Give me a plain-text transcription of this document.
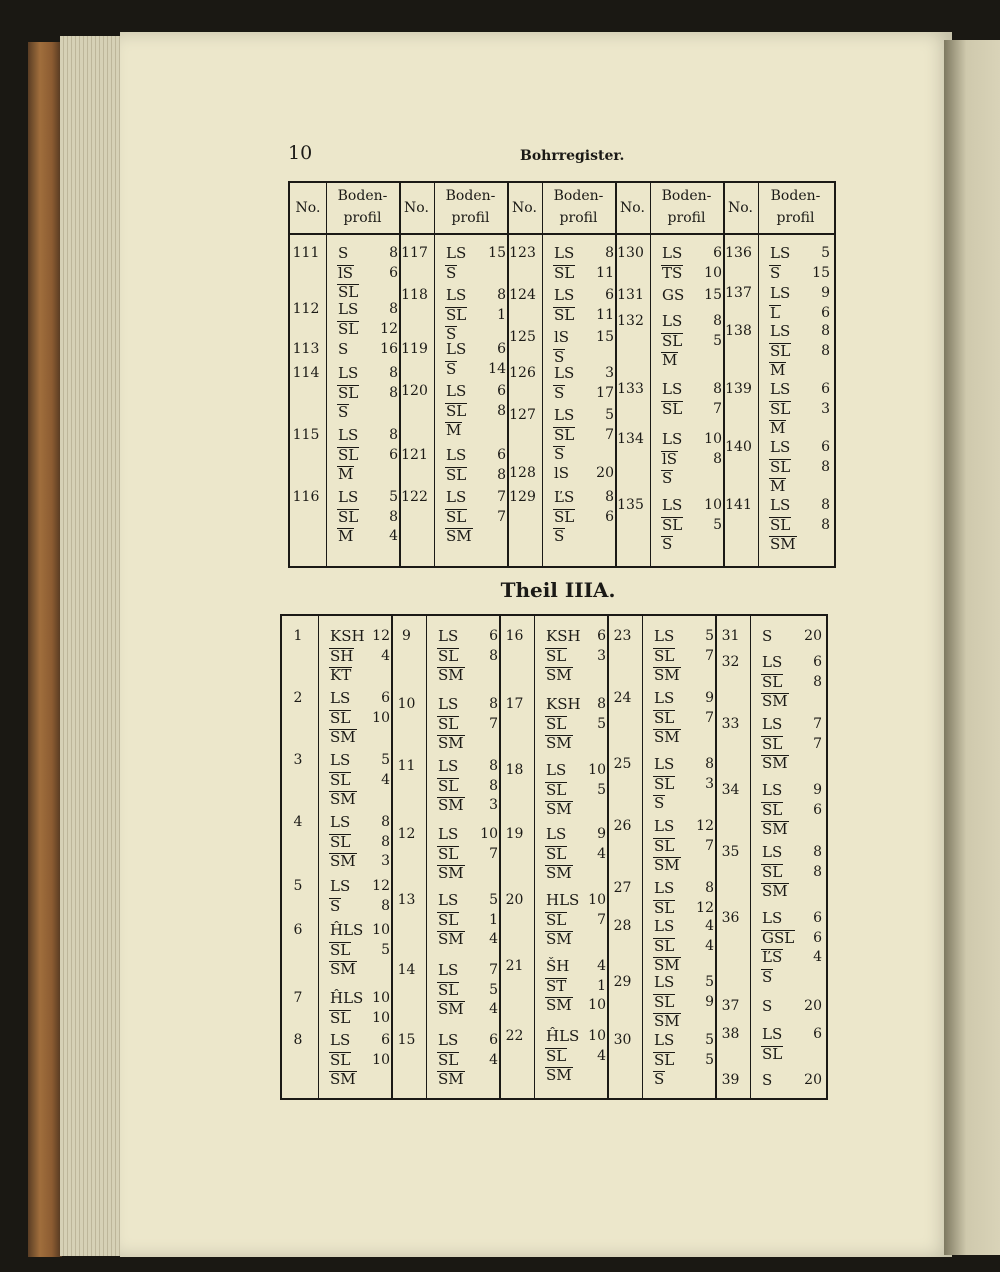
10	Bohrregister.
No.
Boden-
profil
No.
Boden-
profil
No.
Boden-
profil
No.
Boden-
profil
No.
Boden-
profil
111	S	8
lS	6
SL
112	LS 8
SL 12
113	S 16
114	LS 8
SL 8
S
115	LS 8
SL 6
M
116	LS 5
SL 8
M	4
117 LS 15
S
118 LS 8
SL 1
S
119 LS 6
S 14
120 LS 6
SL 8
M
121 LS 6
SL 8
122 LS 7
SL 7
SM
123 LS 8
SL 11
124 LS 6
SL 11
125 lS 15
S
126 LS 3
S 17
127 LS 5
SL 7
S
128 lS 20
129 ĽS 8
SL 6
S
130 LS 6
TS 10
131 GS 15
132 LS 8
SL 5
M
133 LS 8
SL 7
134 LS 10
lS	8
S
135 LS 10
SL 5
S
136 LS 5
S 15
137 LS 9
L	6
138 LS 8
SL 8
M
139 LS 6
SL 3
M
140 LS 6
SL 8
M
141 LS 8
SL 8
SM
Theil IIIA.
1	KSH 12
SH 4
KT
2	LS 6
SL 10
SM
3	LS 5
SL 4
SM
4	LS 8
SL 8
SM 3
5	LS 12
S	8
6	ĤLS 10
SL 5
SM
7	ĤLS 10
SL 10
8	LS 6
SL 10
SM
9	LS 6
SL 8
SM
10	LS 8
SL 7
SM
11	LS 8
SL 8
SM 3
12	LS 10
SL 7
SM
13	LS 5
SL 1
SM 4
14	LS 7
SL 5
SM 4
15	LS 6
SL 4
SM
16	KSH 6
SL 3
SM
17	KSH 8
SL 5
SM
18	LS 10
SL 5
SM
19	LS 9
SL 4
SM
20	HLS 10
SL 7
SM
21	ŠH 4
ST 1
SM 10
22	ĤLS 10
SL 4
SM
23	LS 5
SL 7
SM
24	LS 9
SL 7
SM
25	LS 8
SL 3
S
26	LS 12
SL 7
SM
27	LS 8
SL 12
28	LS 4
SL 4
SM
29	LS 5
SL 9
SM
30	LS 5
SL 5
S
31	S 20
32	LS 6
SL 8
SM
33	LS 7
SL 7
SM
34	LS 9
SL 6
SM
35	LS 8
SL 8
SM
36	LS 6
GSL 6
ĽS 4
S
37	S 20
38	LS 6
SL
39	S 20
